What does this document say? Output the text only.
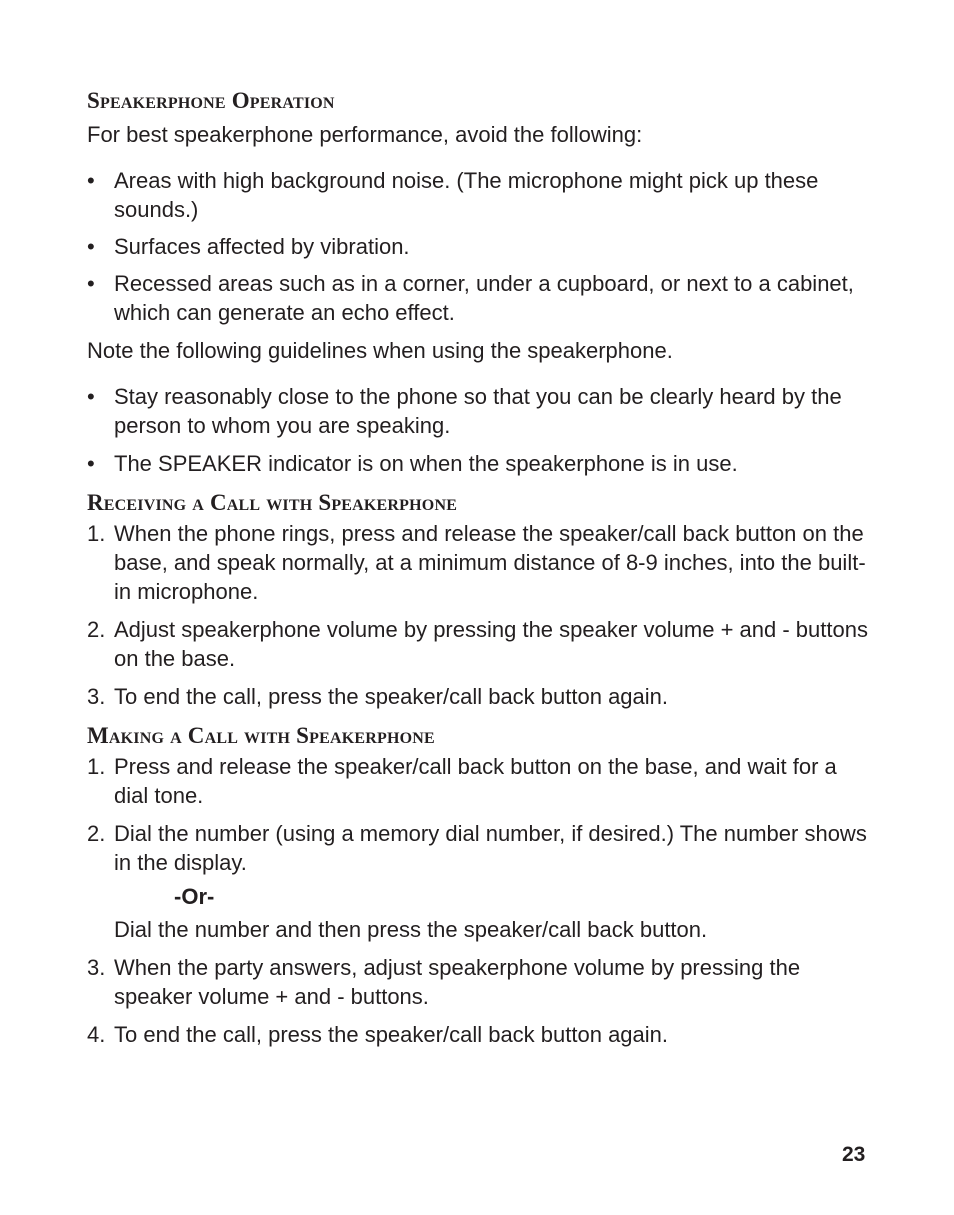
Speakerphone Operation

For best speakerphone performance, avoid the following:

• Areas with high background noise. (The microphone might pick up these sounds.)
• Surfaces affected by vibration.
• Recessed areas such as in a corner, under a cupboard, or next to a cabinet, which can generate an echo effect.

Note the following guidelines when using the speakerphone.

• Stay reasonably close to the phone so that you can be clearly heard by the person to whom you are speaking.
• The SPEAKER indicator is on when the speakerphone is in use.
Receiving a Call with Speakerphone
1. When the phone rings, press and release the speaker/call back button on the base, and speak normally, at a minimum distance of 8-9 inches, into the built-in microphone.
2. Adjust speakerphone volume by pressing the speaker volume + and - buttons on the base.
3. To end the call, press the speaker/call back button again.
Making a Call with Speakerphone
1. Press and release the speaker/call back button on the base, and wait for a dial tone.
2. Dial the number (using a memory dial number, if desired.) The number shows in the display.
-Or-
Dial the number and then press the speaker/call back button.
3. When the party answers, adjust speakerphone volume by pressing the speaker volume + and - buttons.
4. To end the call, press the speaker/call back button again.
23
